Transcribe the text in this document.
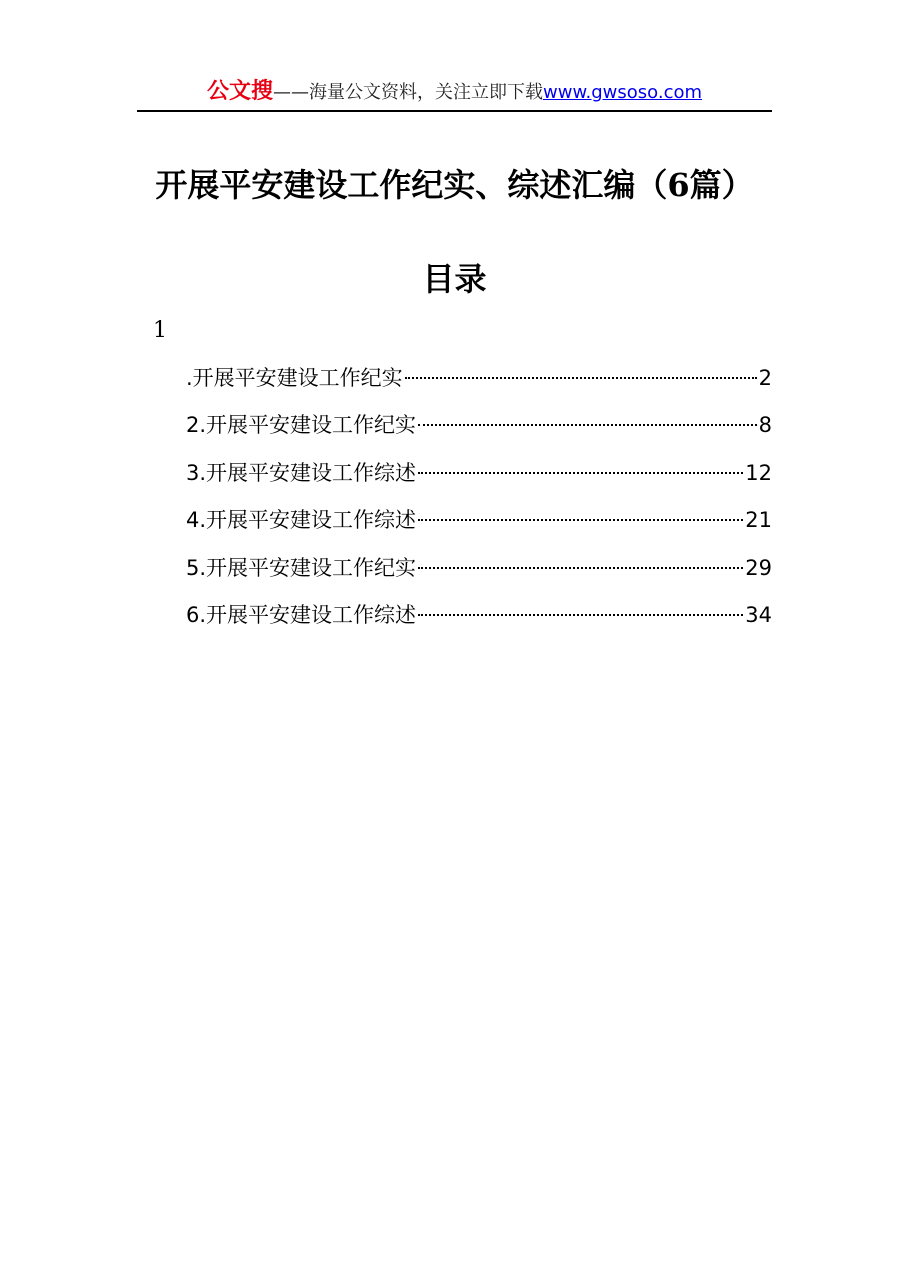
公文搜——海量公文资料，关注立即下载www.gwsoso.com
开展平安建设工作纪实、综述汇编（6篇）
目录
1
.开展平安建设工作纪实	2
2.开展平安建设工作纪实	8
3.开展平安建设工作综述	12
4.开展平安建设工作综述	21
5.开展平安建设工作纪实	29
6.开展平安建设工作综述	34
